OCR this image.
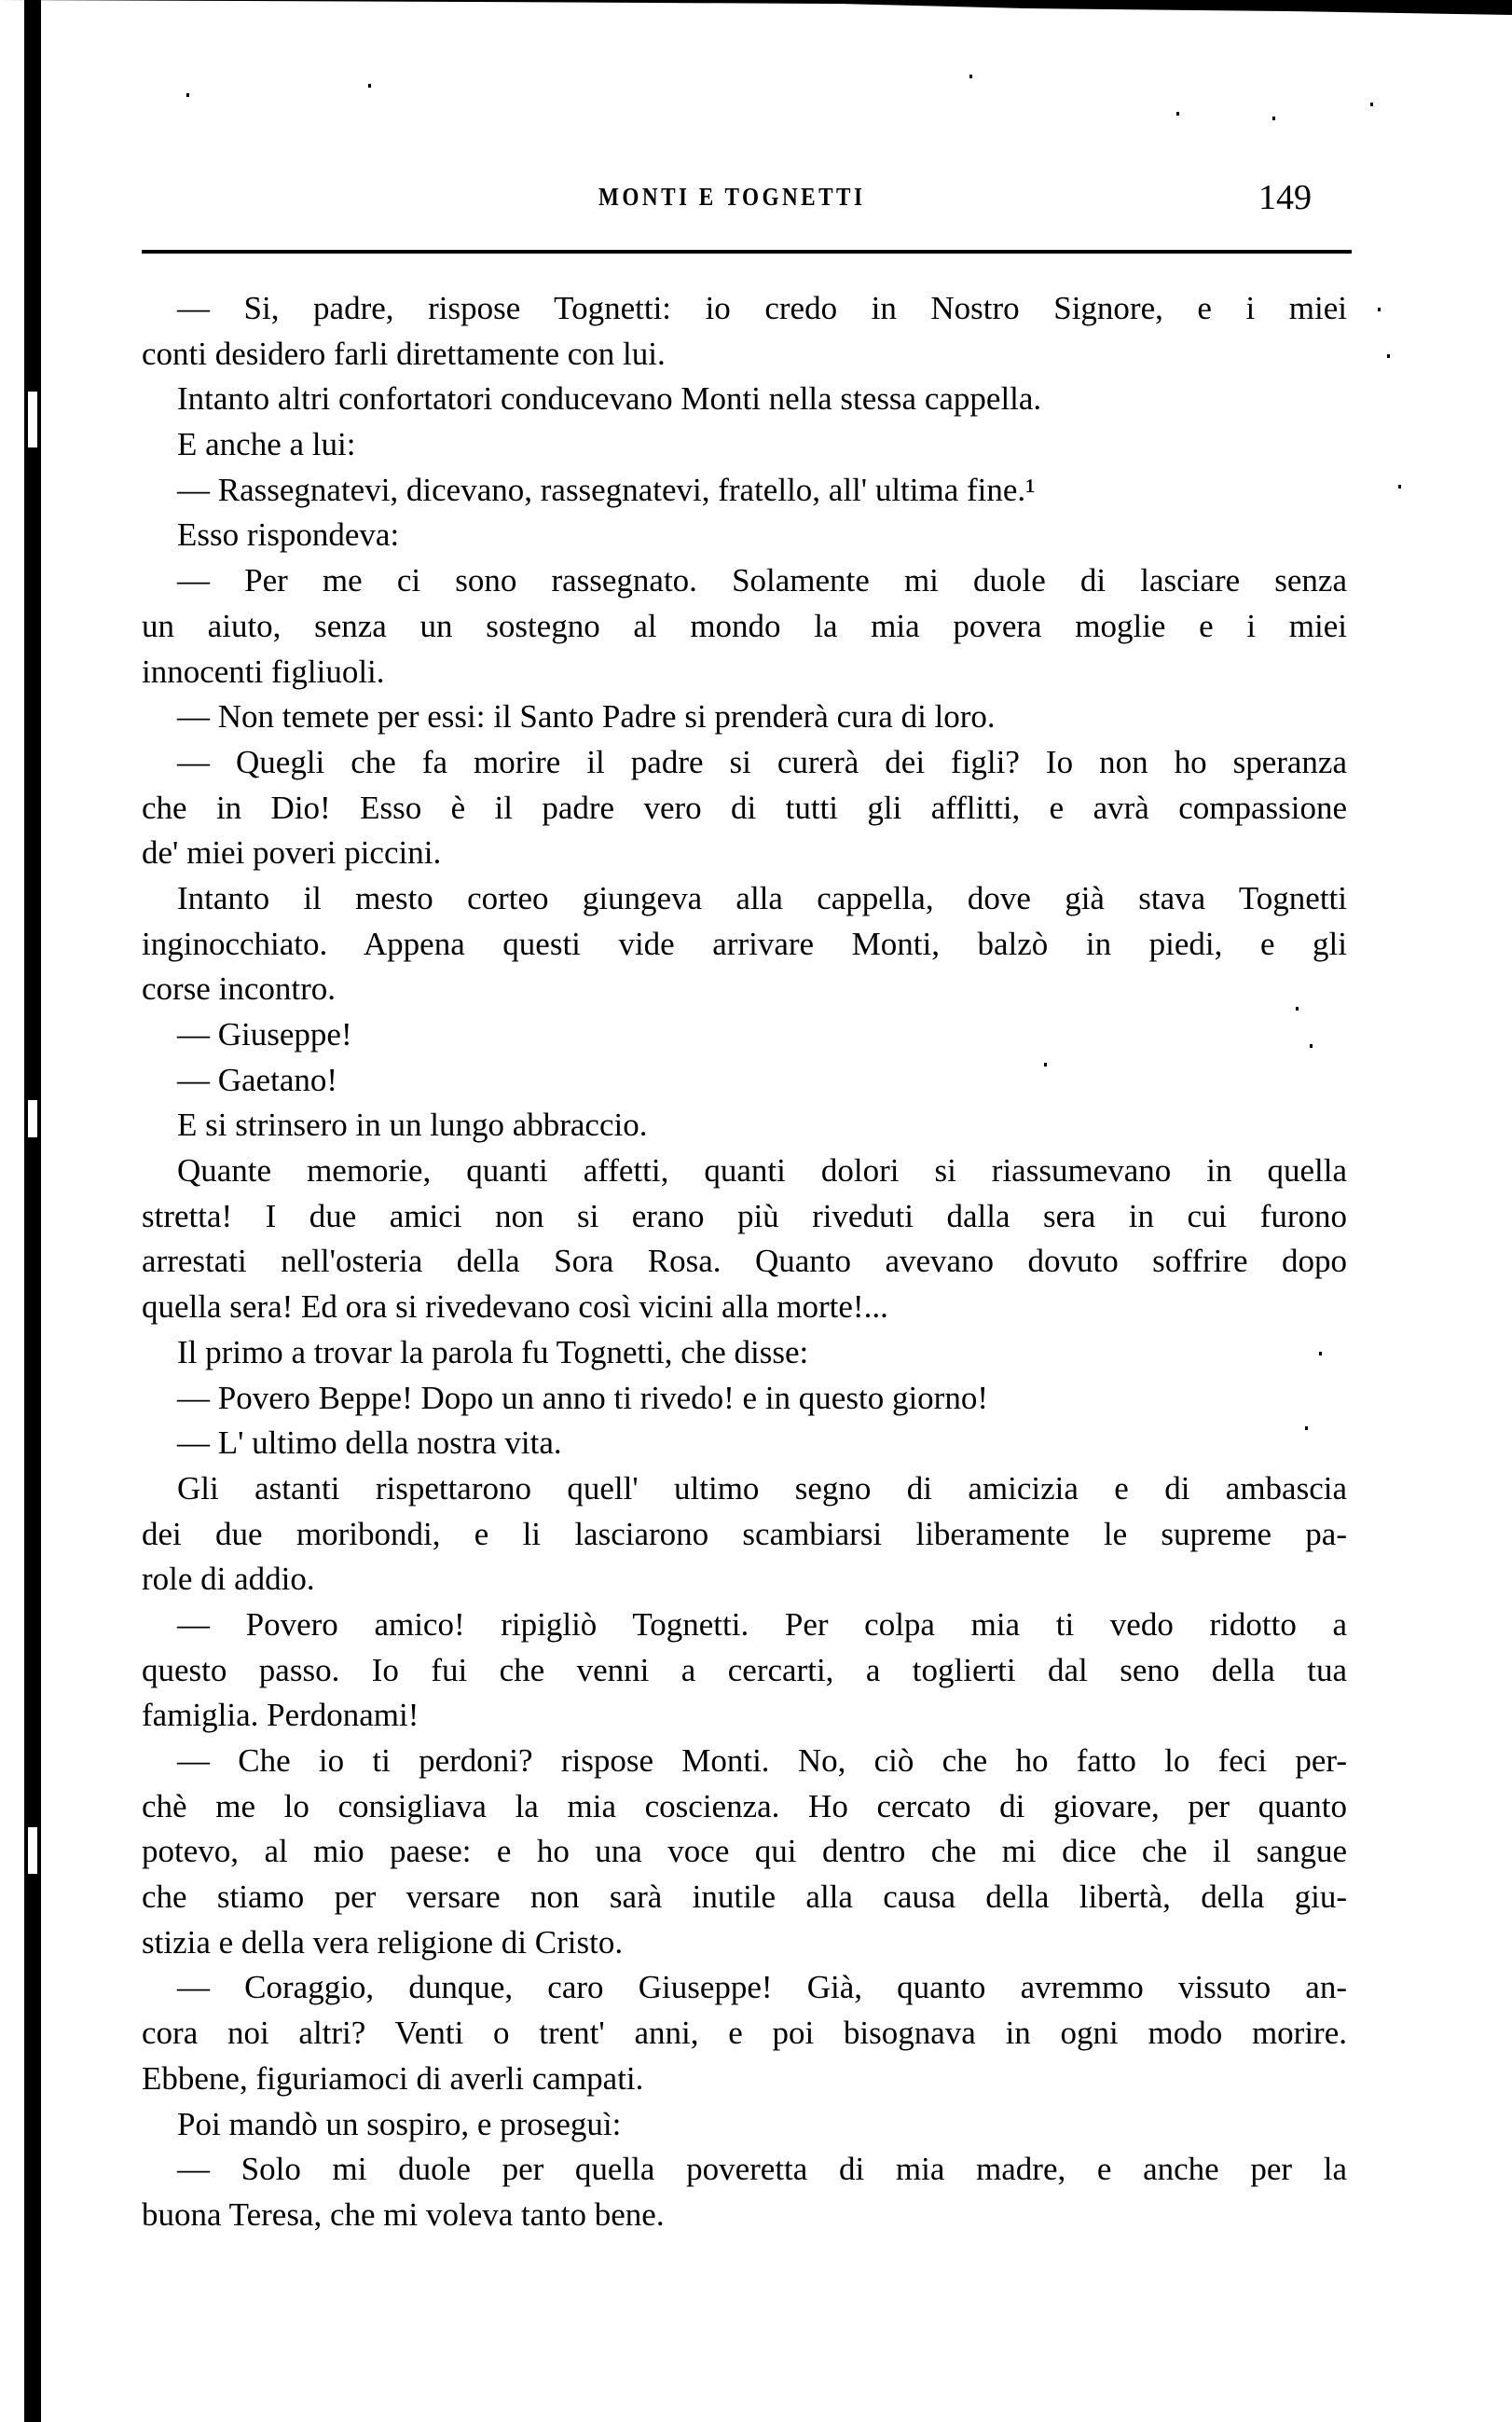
MONTI E TOGNETTI	149
— Si, padre, rispose Tognetti: io credo in Nostro Signore, e i miei
conti desidero farli direttamente con lui.
Intanto altri confortatori conducevano Monti nella stessa cappella.
E anche a lui:
— Rassegnatevi, dicevano, rassegnatevi, fratello, all' ultima fine.¹
Esso rispondeva:
— Per me ci sono rassegnato. Solamente mi duole di lasciare senza
un aiuto, senza un sostegno al mondo la mia povera moglie e i miei
innocenti figliuoli.
— Non temete per essi: il Santo Padre si prenderà cura di loro.
— Quegli che fa morire il padre si curerà dei figli? Io non ho speranza
che in Dio! Esso è il padre vero di tutti gli afflitti, e avrà compassione
de' miei poveri piccini.
Intanto il mesto corteo giungeva alla cappella, dove già stava Tognetti
inginocchiato. Appena questi vide arrivare Monti, balzò in piedi, e gli
corse incontro.
— Giuseppe!
— Gaetano!
E si strinsero in un lungo abbraccio.
Quante memorie, quanti affetti, quanti dolori si riassumevano in quella
stretta! I due amici non si erano più riveduti dalla sera in cui furono
arrestati nell'osteria della Sora Rosa. Quanto avevano dovuto soffrire dopo
quella sera! Ed ora si rivedevano così vicini alla morte!...
Il primo a trovar la parola fu Tognetti, che disse:
— Povero Beppe! Dopo un anno ti rivedo! e in questo giorno!
— L' ultimo della nostra vita.
Gli astanti rispettarono quell' ultimo segno di amicizia e di ambascia
dei due moribondi, e li lasciarono scambiarsi liberamente le supreme pa-
role di addio.
— Povero amico! ripigliò Tognetti. Per colpa mia ti vedo ridotto a
questo passo. Io fui che venni a cercarti, a toglierti dal seno della tua
famiglia. Perdonami!
— Che io ti perdoni? rispose Monti. No, ciò che ho fatto lo feci per-
chè me lo consigliava la mia coscienza. Ho cercato di giovare, per quanto
potevo, al mio paese: e ho una voce qui dentro che mi dice che il sangue
che stiamo per versare non sarà inutile alla causa della libertà, della giu-
stizia e della vera religione di Cristo.
— Coraggio, dunque, caro Giuseppe! Già, quanto avremmo vissuto an-
cora noi altri? Venti o trent' anni, e poi bisognava in ogni modo morire.
Ebbene, figuriamoci di averli campati.
Poi mandò un sospiro, e proseguì:
— Solo mi duole per quella poveretta di mia madre, e anche per la
buona Teresa, che mi voleva tanto bene.
